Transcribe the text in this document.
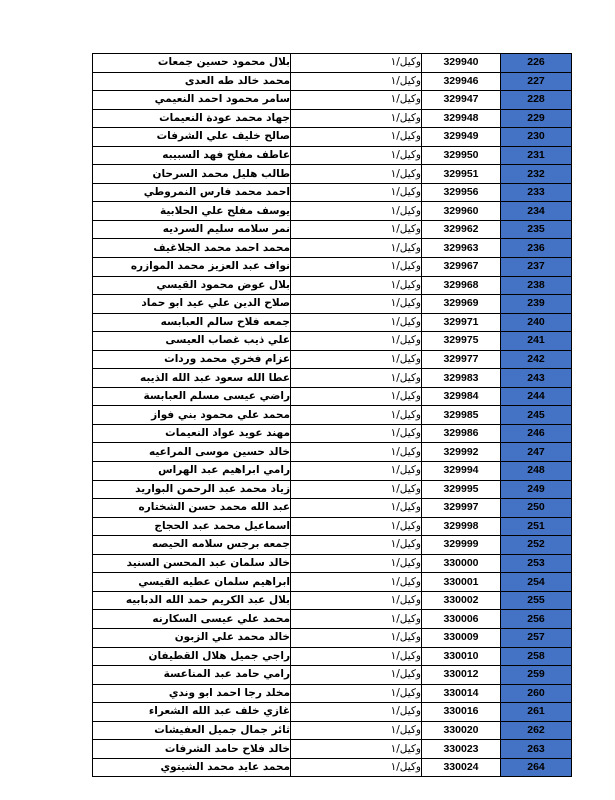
بلال محمود حسين جمعات	وكيل/١	329940	226
محمد خالد طه العدى	وكيل/١	329946	227
سامر محمود احمد النعيمي	وكيل/١	329947	228
جهاد محمد عودة النعيمات	وكيل/١	329948	229
صالح خليف علي الشرفات	وكيل/١	329949	230
عاطف مفلح فهد السبيبه	وكيل/١	329950	231
طالب هليل محمد السرحان	وكيل/١	329951	232
احمد محمد فارس النمروطي	وكيل/١	329956	233
يوسف مفلح علي الحلابية	وكيل/١	329960	234
نمر سلامه سليم السرديه	وكيل/١	329962	235
محمد احمد محمد الجلاغيف	وكيل/١	329963	236
نواف عبد العزيز محمد الموازره	وكيل/١	329967	237
بلال عوض محمود القيسي	وكيل/١	329968	238
صلاح الدين علي عيد ابو حماد	وكيل/١	329969	239
جمعه فلاح سالم العبابسه	وكيل/١	329971	240
علي ذيب غصاب العيسى	وكيل/١	329975	241
عزام فخري محمد وردات	وكيل/١	329977	242
عطا الله سعود عبد الله الذيبه	وكيل/١	329983	243
راضي عيسى مسلم العبابسة	وكيل/١	329984	244
محمد علي محمود بني فواز	وكيل/١	329985	245
مهند عويد عواد النعيمات	وكيل/١	329986	246
خالد حسين موسى المراعيه	وكيل/١	329992	247
رامي ابراهيم عبد الهراس	وكيل/١	329994	248
زياد محمد عبد الرحمن البواريد	وكيل/١	329995	249
عبد الله محمد حسن الشختاره	وكيل/١	329997	250
اسماعيل محمد عبد الحجاج	وكيل/١	329998	251
جمعه برجس سلامه الحيصه	وكيل/١	329999	252
خالد سلمان عبد المحسن السنيد	وكيل/١	330000	253
ابراهيم سلمان عطيه القيسي	وكيل/١	330001	254
بلال عبد الكريم حمد الله الدبابيه	وكيل/١	330002	255
محمد علي عيسى السكارنه	وكيل/١	330006	256
خالد محمد علي الزبون	وكيل/١	330009	257
راجي جميل هلال القطيفان	وكيل/١	330010	258
رامي حامد عبد المناعسة	وكيل/١	330012	259
مخلد رجا احمد ابو وندي	وكيل/١	330014	260
غازي خلف عبد الله الشعراء	وكيل/١	330016	261
ثائر جمال جميل العفيشات	وكيل/١	330020	262
خالد فلاح حامد الشرفات	وكيل/١	330023	263
محمد عايد محمد الشيتوي	وكيل/١	330024	264
